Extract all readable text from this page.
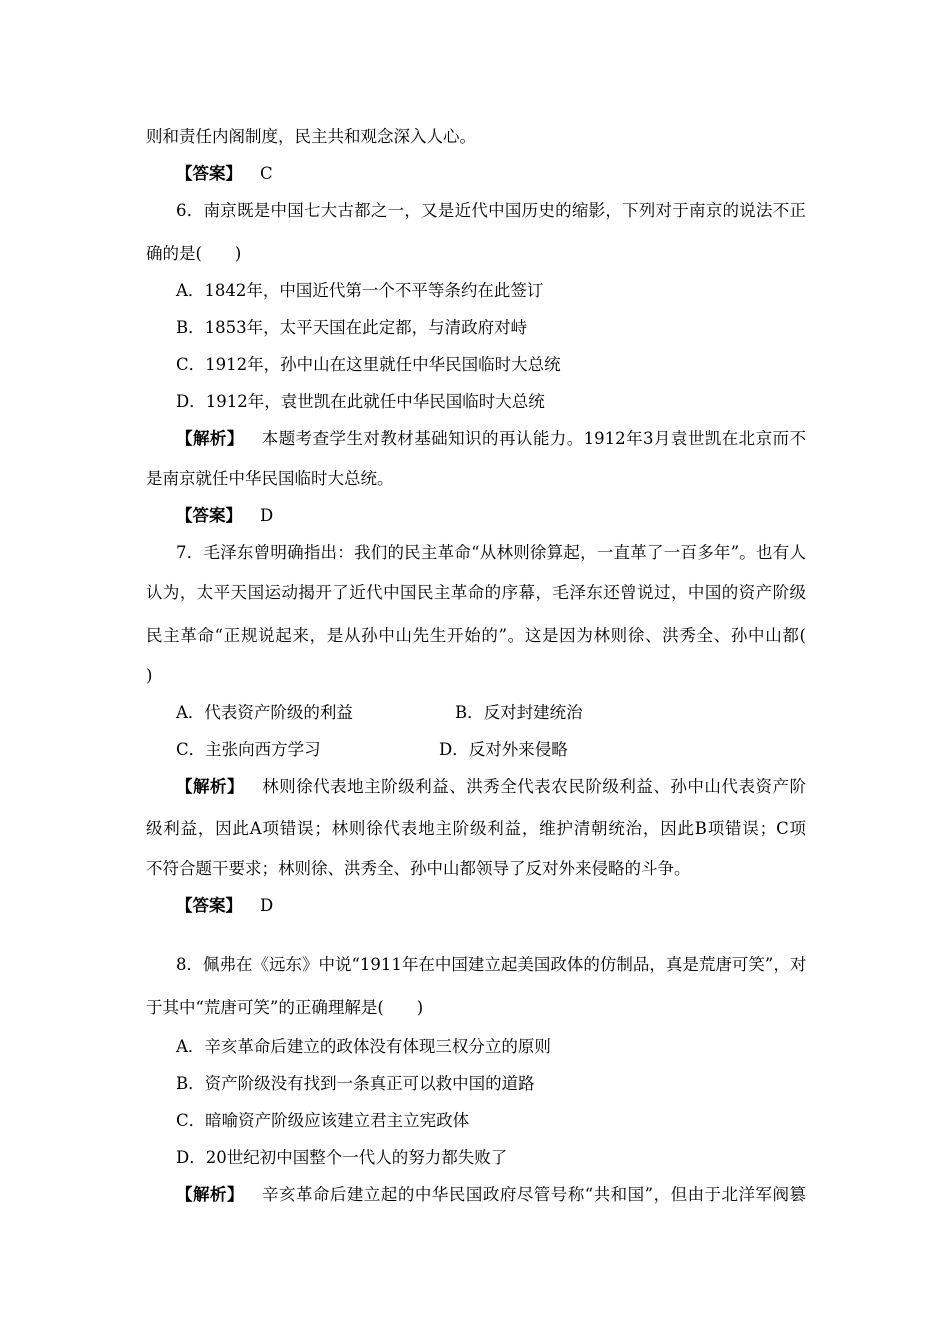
则和责任内阁制度，民主共和观念深入人心。
【答案】 C
6．南京既是中国七大古都之一，又是近代中国历史的缩影，下列对于南京的说法不正
确的是(　　)
A．1842年，中国近代第一个不平等条约在此签订
B．1853年，太平天国在此定都，与清政府对峙
C．1912年，孙中山在这里就任中华民国临时大总统
D．1912年，袁世凯在此就任中华民国临时大总统
【解析】 本题考查学生对教材基础知识的再认能力。1912年3月袁世凯在北京而不
是南京就任中华民国临时大总统。
【答案】 D
7．毛泽东曾明确指出：我们的民主革命“从林则徐算起，一直革了一百多年”。也有人
认为，太平天国运动揭开了近代中国民主革命的序幕，毛泽东还曾说过，中国的资产阶级
民主革命“正规说起来，是从孙中山先生开始的”。这是因为林则徐、洪秀全、孙中山都(
)
A．代表资产阶级的利益	B．反对封建统治
C．主张向西方学习	D．反对外来侵略
【解析】 林则徐代表地主阶级利益、洪秀全代表农民阶级利益、孙中山代表资产阶
级利益，因此A项错误；林则徐代表地主阶级利益，维护清朝统治，因此B项错误；C项
不符合题干要求；林则徐、洪秀全、孙中山都领导了反对外来侵略的斗争。
【答案】 D
8．佩弗在《远东》中说“1911年在中国建立起美国政体的仿制品，真是荒唐可笑”，对
于其中“荒唐可笑”的正确理解是(　　)
A．辛亥革命后建立的政体没有体现三权分立的原则
B．资产阶级没有找到一条真正可以救中国的道路
C．暗喻资产阶级应该建立君主立宪政体
D．20世纪初中国整个一代人的努力都失败了
【解析】 辛亥革命后建立起的中华民国政府尽管号称“共和国”，但由于北洋军阀篡
